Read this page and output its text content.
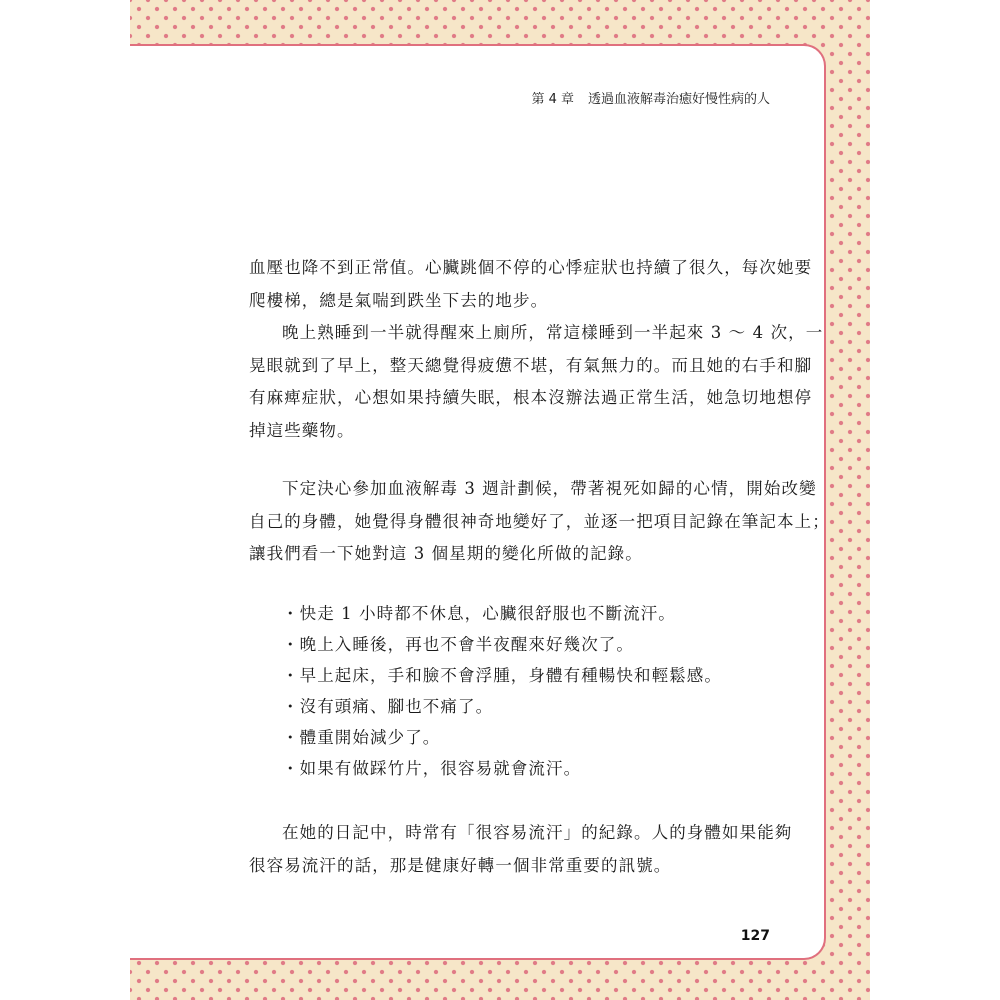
第 4 章 透過血液解毒治癒好慢性病的人

血壓也降不到正常值。心臟跳個不停的心悸症狀也持續了很久，每次她要
爬樓梯，總是氣喘到跌坐下去的地步。

晚上熟睡到一半就得醒來上廁所，常這樣睡到一半起來 3 ～ 4 次，一
晃眼就到了早上，整天總覺得疲憊不堪，有氣無力的。而且她的右手和腳
有麻痺症狀，心想如果持續失眠，根本沒辦法過正常生活，她急切地想停
掉這些藥物。

下定決心參加血液解毒 3 週計劃候，帶著視死如歸的心情，開始改變
自己的身體，她覺得身體很神奇地變好了，並逐一把項目記錄在筆記本上；
讓我們看一下她對這 3 個星期的變化所做的記錄。

・快走 1 小時都不休息，心臟很舒服也不斷流汗。
・晚上入睡後，再也不會半夜醒來好幾次了。
・早上起床，手和臉不會浮腫，身體有種暢快和輕鬆感。
・沒有頭痛、腳也不痛了。
・體重開始減少了。
・如果有做踩竹片，很容易就會流汗。

在她的日記中，時常有「很容易流汗」的紀錄。人的身體如果能夠
很容易流汗的話，那是健康好轉一個非常重要的訊號。

127
